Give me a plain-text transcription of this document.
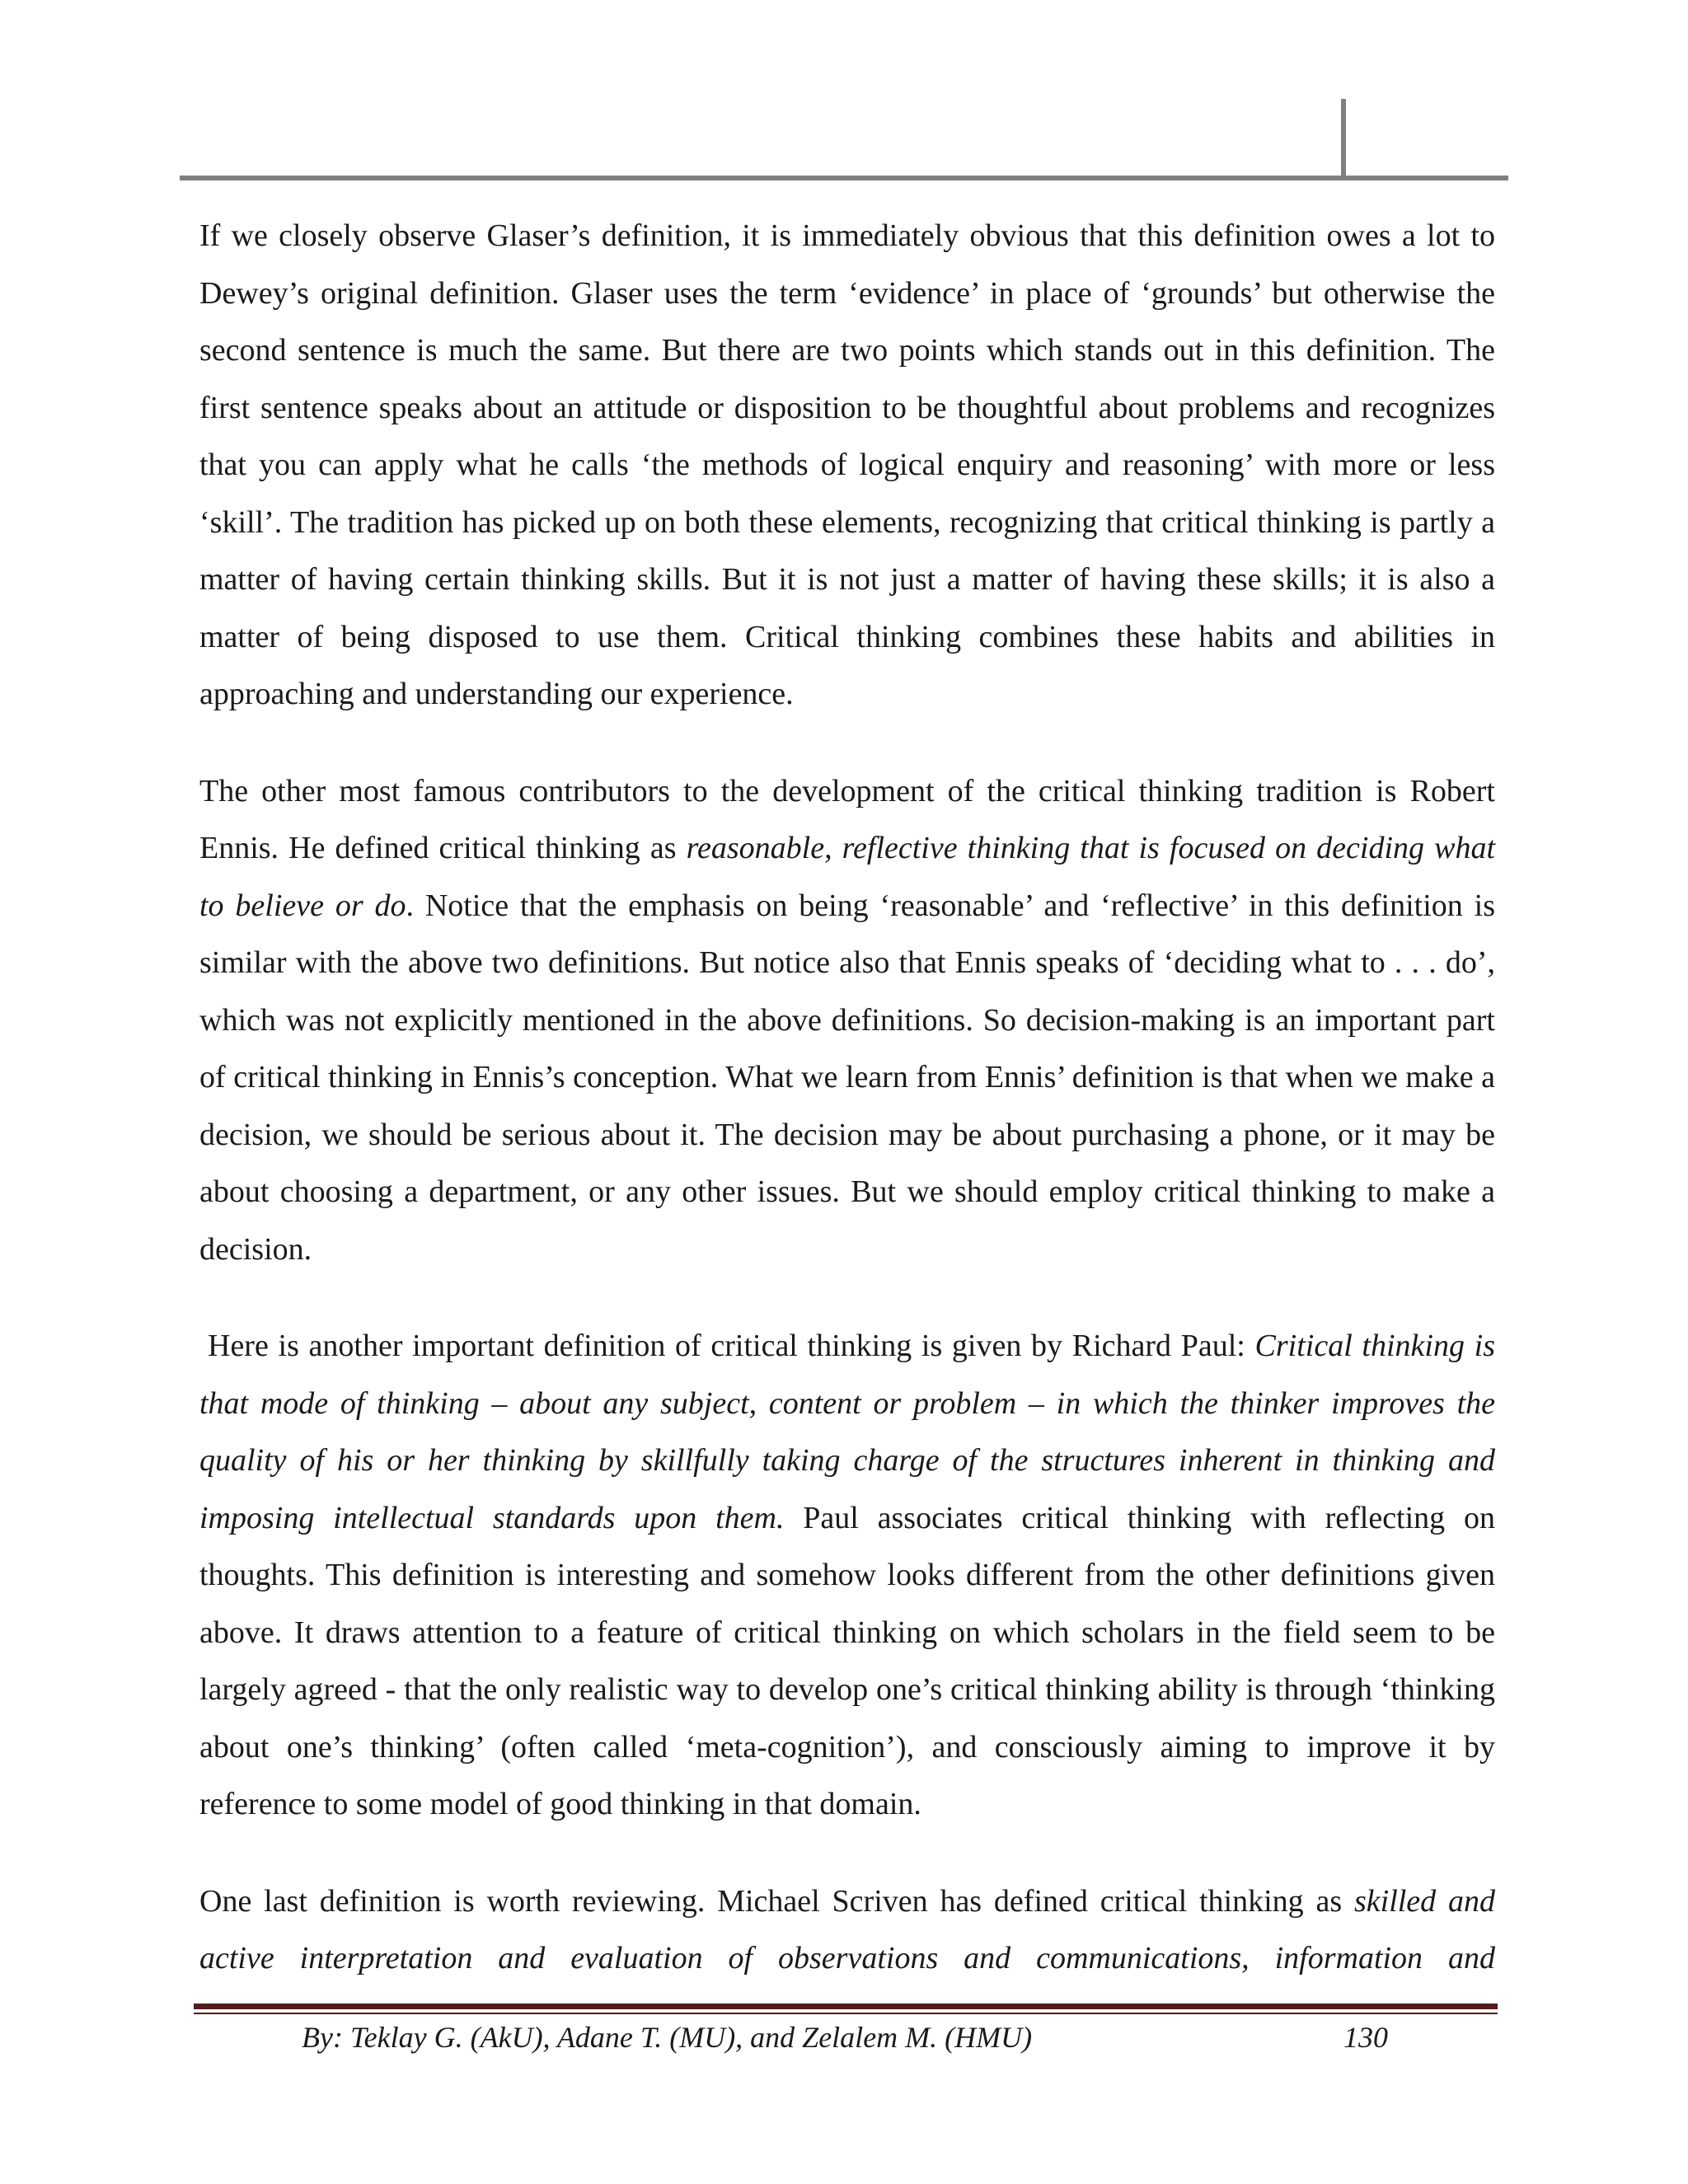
If we closely observe Glaser’s definition, it is immediately obvious that this definition owes a lot to Dewey’s original definition. Glaser uses the term ‘evidence’ in place of ‘grounds’ but otherwise the second sentence is much the same. But there are two points which stands out in this definition. The first sentence speaks about an attitude or disposition to be thoughtful about problems and recognizes that you can apply what he calls ‘the methods of logical enquiry and reasoning’ with more or less ‘skill’. The tradition has picked up on both these elements, recognizing that critical thinking is partly a matter of having certain thinking skills. But it is not just a matter of having these skills; it is also a matter of being disposed to use them. Critical thinking combines these habits and abilities in approaching and understanding our experience.

The other most famous contributors to the development of the critical thinking tradition is Robert Ennis. He defined critical thinking as reasonable, reflective thinking that is focused on deciding what to believe or do. Notice that the emphasis on being ‘reasonable’ and ‘reflective’ in this definition is similar with the above two definitions. But notice also that Ennis speaks of ‘deciding what to . . . do’, which was not explicitly mentioned in the above definitions. So decision-making is an important part of critical thinking in Ennis’s conception. What we learn from Ennis’ definition is that when we make a decision, we should be serious about it. The decision may be about purchasing a phone, or it may be about choosing a department, or any other issues. But we should employ critical thinking to make a decision.

Here is another important definition of critical thinking is given by Richard Paul: Critical thinking is that mode of thinking – about any subject, content or problem – in which the thinker improves the quality of his or her thinking by skillfully taking charge of the structures inherent in thinking and imposing intellectual standards upon them. Paul associates critical thinking with reflecting on thoughts. This definition is interesting and somehow looks different from the other definitions given above. It draws attention to a feature of critical thinking on which scholars in the field seem to be largely agreed - that the only realistic way to develop one’s critical thinking ability is through ‘thinking about one’s thinking’ (often called ‘meta-cognition’), and consciously aiming to improve it by reference to some model of good thinking in that domain.

One last definition is worth reviewing. Michael Scriven has defined critical thinking as skilled and active interpretation and evaluation of observations and communications, information and

By: Teklay G. (AkU), Adane T. (MU), and Zelalem M. (HMU)	130
